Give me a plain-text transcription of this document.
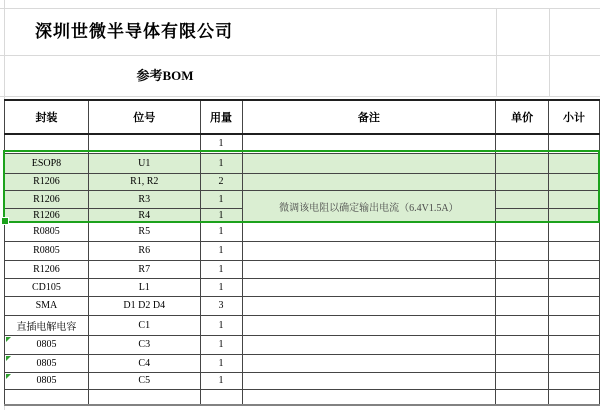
深圳世微半导体有限公司
参考BOM
封装	位号	用量	备注	单价	小计
		1			
ESOP8	U1	1			
R1206	R1, R2	2			
R1206	R3	1	微调该电阻以确定输出电流（6.4V1.5A）		
R1206	R4	1			
R0805	R5	1			
R0805	R6	1			
R1206	R7	1			
CD105	L1	1			
SMA	D1 D2 D4	3			
直插电解电容	C1	1			

0805	C3	1			

0805	C4	1			

0805	C5	1			
